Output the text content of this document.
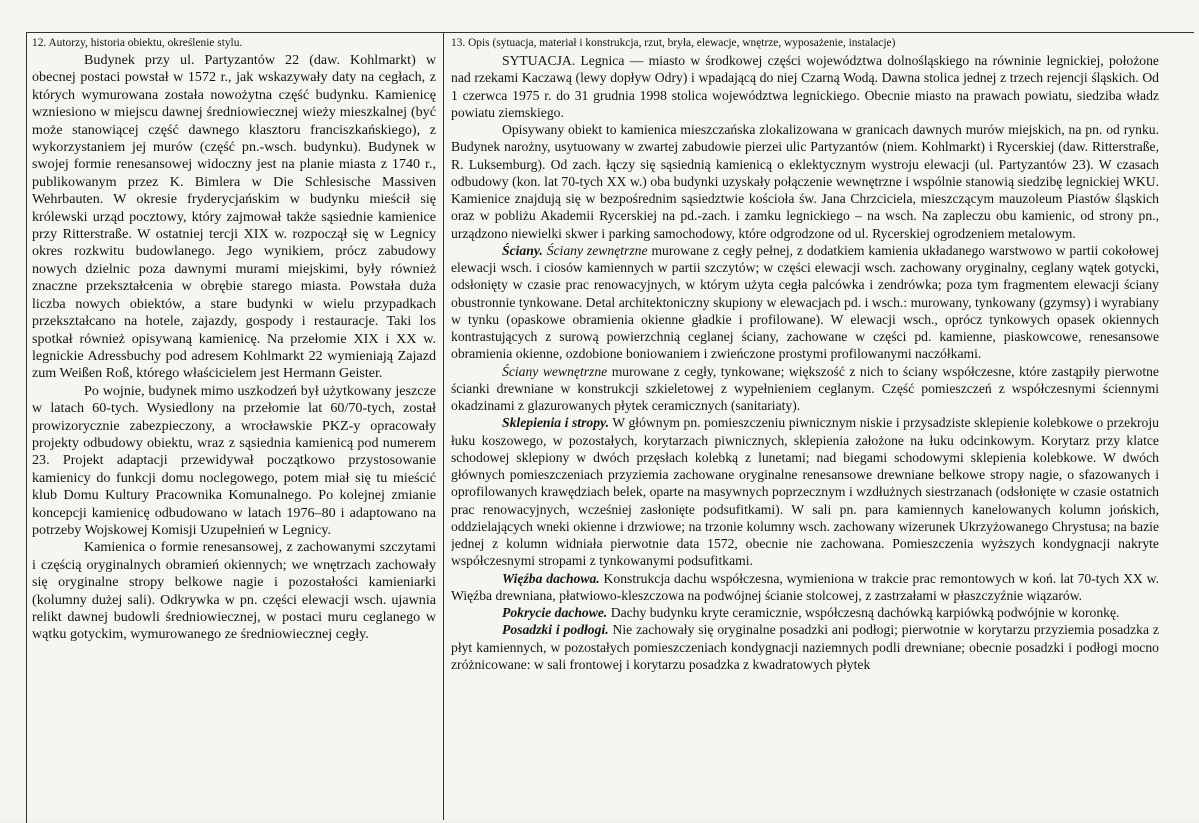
12. Autorzy, historia obiektu, określenie stylu.

Budynek przy ul. Partyzantów 22 (daw. Kohlmarkt) w obecnej postaci powstał w 1572 r., jak wskazywały daty na cegłach, z których wymurowana została nowożytna część budynku. Kamienicę wzniesiono w miejscu dawnej średniowiecznej wieży mieszkalnej (być może stanowiącej część dawnego klasztoru franciszkańskiego), z wykorzystaniem jej murów (część pn.-wsch. budynku). Budynek w swojej formie renesansowej widoczny jest na planie miasta z 1740 r., publikowanym przez K. Bimlera w Die Schlesische Massiven Wehrbauten. W okresie fryderycjańskim w budynku mieścił się królewski urząd pocztowy, który zajmował także sąsiednie kamienice przy Ritterstraße. W ostatniej tercji XIX w. rozpoczął się w Legnicy okres rozkwitu budowlanego. Jego wynikiem, prócz zabudowy nowych dzielnic poza dawnymi murami miejskimi, były również znaczne przekształcenia w obrębie starego miasta. Powstała duża liczba nowych obiektów, a stare budynki w wielu przypadkach przekształcano na hotele, zajazdy, gospody i restauracje. Taki los spotkał również opisywaną kamienicę. Na przełomie XIX i XX w. legnickie Adressbuchy pod adresem Kohlmarkt 22 wymieniają Zajazd zum Weißen Roß, którego właścicielem jest Hermann Geister.

Po wojnie, budynek mimo uszkodzeń był użytkowany jeszcze w latach 60-tych. Wysiedlony na przełomie lat 60/70-tych, został prowizorycznie zabezpieczony, a wrocławskie PKZ-y opracowały projekty odbudowy obiektu, wraz z sąsiednia kamienicą pod numerem 23. Projekt adaptacji przewidywał początkowo przystosowanie kamienicy do funkcji domu noclegowego, potem miał się tu mieścić klub Domu Kultury Pracownika Komunalnego. Po kolejnej zmianie koncepcji kamienicę odbudowano w latach 1976–80 i adaptowano na potrzeby Wojskowej Komisji Uzupełnień w Legnicy.

Kamienica o formie renesansowej, z zachowanymi szczytami i częścią oryginalnych obramień okiennych; we wnętrzach zachowały się oryginalne stropy belkowe nagie i pozostałości kamieniarki (kolumny dużej sali). Odkrywka w pn. części elewacji wsch. ujawnia relikt dawnej budowli średniowiecznej, w postaci muru ceglanego w wątku gotyckim, wymurowanego ze średniowiecznej cegły.

13. Opis (sytuacja, materiał i konstrukcja, rzut, bryła, elewacje, wnętrze, wyposażenie, instalacje)

SYTUACJA. Legnica — miasto w środkowej części województwa dolnośląskiego na równinie legnickiej, położone nad rzekami Kaczawą (lewy dopływ Odry) i wpadającą do niej Czarną Wodą. Dawna stolica jednej z trzech rejencji śląskich. Od 1 czerwca 1975 r. do 31 grudnia 1998 stolica województwa legnickiego. Obecnie miasto na prawach powiatu, siedziba władz powiatu ziemskiego.

Opisywany obiekt to kamienica mieszczańska zlokalizowana w granicach dawnych murów miejskich, na pn. od rynku. Budynek narożny, usytuowany w zwartej zabudowie pierzei ulic Partyzantów (niem. Kohlmarkt) i Rycerskiej (daw. Ritterstraße, R. Luksemburg). Od zach. łączy się sąsiednią kamienicą o eklektycznym wystroju elewacji (ul. Partyzantów 23). W czasach odbudowy (kon. lat 70-tych XX w.) oba budynki uzyskały połączenie wewnętrzne i wspólnie stanowią siedzibę legnickiej WKU. Kamienice znajdują się w bezpośrednim sąsiedztwie kościoła św. Jana Chrzciciela, mieszczącym mauzoleum Piastów śląskich oraz w pobliżu Akademii Rycerskiej na pd.-zach. i zamku legnickiego – na wsch. Na zapleczu obu kamienic, od strony pn., urządzono niewielki skwer i parking samochodowy, które odgrodzone od ul. Rycerskiej ogrodzeniem metalowym.

Ściany. Ściany zewnętrzne murowane z cegły pełnej, z dodatkiem kamienia układanego warstwowo w partii cokołowej elewacji wsch. i ciosów kamiennych w partii szczytów; w części elewacji wsch. zachowany oryginalny, ceglany wątek gotycki, odsłonięty w czasie prac renowacyjnych, w którym użyta cegła palcówka i zendrówka; poza tym fragmentem elewacji ściany obustronnie tynkowane. Detal architektoniczny skupiony w elewacjach pd. i wsch.: murowany, tynkowany (gzymsy) i wyrabiany w tynku (opaskowe obramienia okienne gładkie i profilowane). W elewacji wsch., oprócz tynkowych opasek okiennych kontrastujących z surową powierzchnią ceglanej ściany, zachowane w części pd. kamienne, piaskowcowe, renesansowe obramienia okienne, ozdobione boniowaniem i zwieńczone prostymi profilowanymi naczółkami.

Ściany wewnętrzne murowane z cegły, tynkowane; większość z nich to ściany współczesne, które zastąpiły pierwotne ścianki drewniane w konstrukcji szkieletowej z wypełnieniem ceglanym. Część pomieszczeń z współczesnymi ściennymi okadzinami z glazurowanych płytek ceramicznych (sanitariaty).

Sklepienia i stropy. W głównym pn. pomieszczeniu piwnicznym niskie i przysadziste sklepienie kolebkowe o przekroju łuku koszowego, w pozostałych, korytarzach piwnicznych, sklepienia założone na łuku odcinkowym. Korytarz przy klatce schodowej sklepiony w dwóch przęsłach kolebką z lunetami; nad biegami schodowymi sklepienia kolebkowe. W dwóch głównych pomieszczeniach przyziemia zachowane oryginalne renesansowe drewniane belkowe stropy nagie, o sfazowanych i oprofilowanych krawędziach belek, oparte na masywnych poprzecznym i wzdłużnych siestrzanach (odsłonięte w czasie ostatnich prac renowacyjnych, wcześniej zasłonięte podsufitkami). W sali pn. para kamiennych kanelowanych kolumn jońskich, oddzielających wneki okienne i drzwiowe; na trzonie kolumny wsch. zachowany wizerunek Ukrzyżowanego Chrystusa; na bazie jednej z kolumn widniała pierwotnie data 1572, obecnie nie zachowana. Pomieszczenia wyższych kondygnacji nakryte współczesnymi stropami z tynkowanymi podsufitkami.

Więźba dachowa. Konstrukcja dachu współczesna, wymieniona w trakcie prac remontowych w koń. lat 70-tych XX w. Więźba drewniana, płatwiowo-kleszczowa na podwójnej ścianie stolcowej, z zastrzałami w płaszczyźnie wiązarów.

Pokrycie dachowe. Dachy budynku kryte ceramicznie, współczesną dachówką karpiówką podwójnie w koronkę.

Posadzki i podłogi. Nie zachowały się oryginalne posadzki ani podłogi; pierwotnie w korytarzu przyziemia posadzka z płyt kamiennych, w pozostałych pomieszczeniach kondygnacji naziemnych podli drewniane; obecnie posadzki i podłogi mocno zróżnicowane: w sali frontowej i korytarzu posadzka z kwadratowych płytek
